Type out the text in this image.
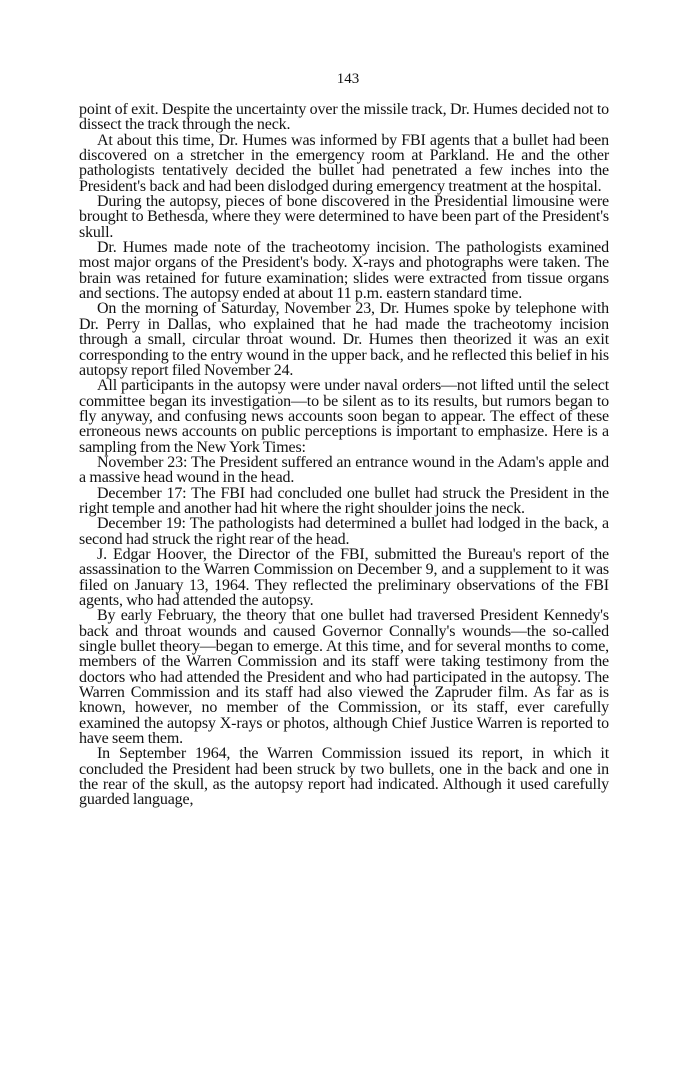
143

point of exit. Despite the uncertainty over the missile track, Dr. Humes decided not to dissect the track through the neck.

At about this time, Dr. Humes was informed by FBI agents that a bullet had been discovered on a stretcher in the emergency room at Parkland. He and the other pathologists tentatively decided the bullet had penetrated a few inches into the President's back and had been dislodged during emergency treatment at the hospital.

During the autopsy, pieces of bone discovered in the Presidential limousine were brought to Bethesda, where they were determined to have been part of the President's skull.

Dr. Humes made note of the tracheotomy incision. The pathologists examined most major organs of the President's body. X-rays and photographs were taken. The brain was retained for future examination; slides were extracted from tissue organs and sections. The autopsy ended at about 11 p.m. eastern standard time.

On the morning of Saturday, November 23, Dr. Humes spoke by telephone with Dr. Perry in Dallas, who explained that he had made the tracheotomy incision through a small, circular throat wound. Dr. Humes then theorized it was an exit corresponding to the entry wound in the upper back, and he reflected this belief in his autopsy report filed November 24.

All participants in the autopsy were under naval orders—not lifted until the select committee began its investigation—to be silent as to its results, but rumors began to fly anyway, and confusing news accounts soon began to appear. The effect of these erroneous news accounts on public perceptions is important to emphasize. Here is a sampling from the New York Times:

November 23: The President suffered an entrance wound in the Adam's apple and a massive head wound in the head.

December 17: The FBI had concluded one bullet had struck the President in the right temple and another had hit where the right shoulder joins the neck.

December 19: The pathologists had determined a bullet had lodged in the back, a second had struck the right rear of the head.

J. Edgar Hoover, the Director of the FBI, submitted the Bureau's report of the assassination to the Warren Commission on December 9, and a supplement to it was filed on January 13, 1964. They reflected the preliminary observations of the FBI agents, who had attended the autopsy.

By early February, the theory that one bullet had traversed President Kennedy's back and throat wounds and caused Governor Connally's wounds—the so-called single bullet theory—began to emerge. At this time, and for several months to come, members of the Warren Commission and its staff were taking testimony from the doctors who had attended the President and who had participated in the autopsy. The Warren Commission and its staff had also viewed the Zapruder film. As far as is known, however, no member of the Commission, or its staff, ever carefully examined the autopsy X-rays or photos, although Chief Justice Warren is reported to have seem them.

In September 1964, the Warren Commission issued its report, in which it concluded the President had been struck by two bullets, one in the back and one in the rear of the skull, as the autopsy report had indicated. Although it used carefully guarded language,
